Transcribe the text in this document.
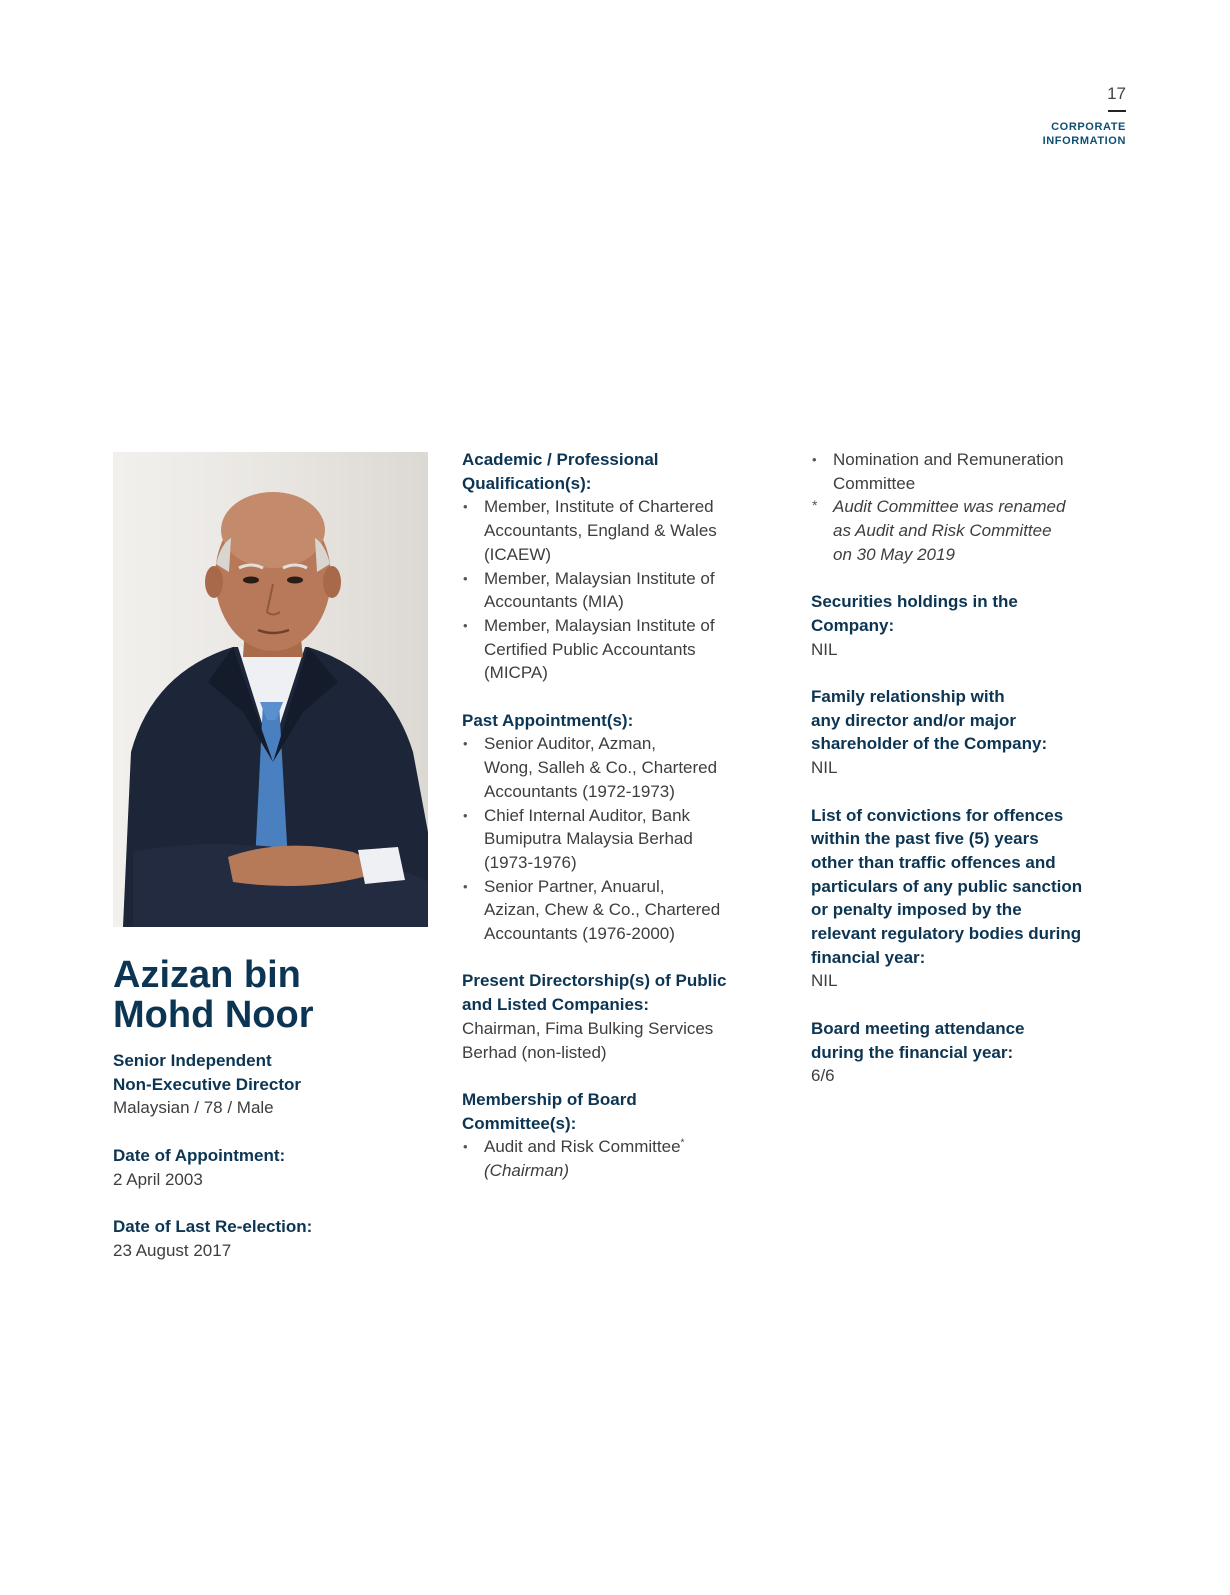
17
CORPORATE
INFORMATION
Azizan bin
Mohd Noor
Senior Independent
Non-Executive Director
Malaysian / 78 / Male
Date of Appointment:
2 April 2003
Date of Last Re-election:
23 August 2017
Academic / Professional
Qualification(s):
• Member, Institute of Chartered
Accountants, England & Wales
(ICAEW)
• Member, Malaysian Institute of
Accountants (MIA)
• Member, Malaysian Institute of
Certified Public Accountants
(MICPA)
Past Appointment(s):
• Senior Auditor, Azman,
Wong, Salleh & Co., Chartered
Accountants (1972-1973)
• Chief Internal Auditor, Bank
Bumiputra Malaysia Berhad
(1973-1976)
• Senior Partner, Anuarul,
Azizan, Chew & Co., Chartered
Accountants (1976-2000)
Present Directorship(s) of Public
and Listed Companies:
Chairman, Fima Bulking Services
Berhad (non-listed)
Membership of Board
Committee(s):
• Audit and Risk Committee*
(Chairman)
• Nomination and Remuneration
Committee
* Audit Committee was renamed
as Audit and Risk Committee
on 30 May 2019
Securities holdings in the
Company:
NIL
Family relationship with
any director and/or major
shareholder of the Company:
NIL
List of convictions for offences
within the past five (5) years
other than traffic offences and
particulars of any public sanction
or penalty imposed by the
relevant regulatory bodies during
financial year:
NIL
Board meeting attendance
during the financial year:
6/6
